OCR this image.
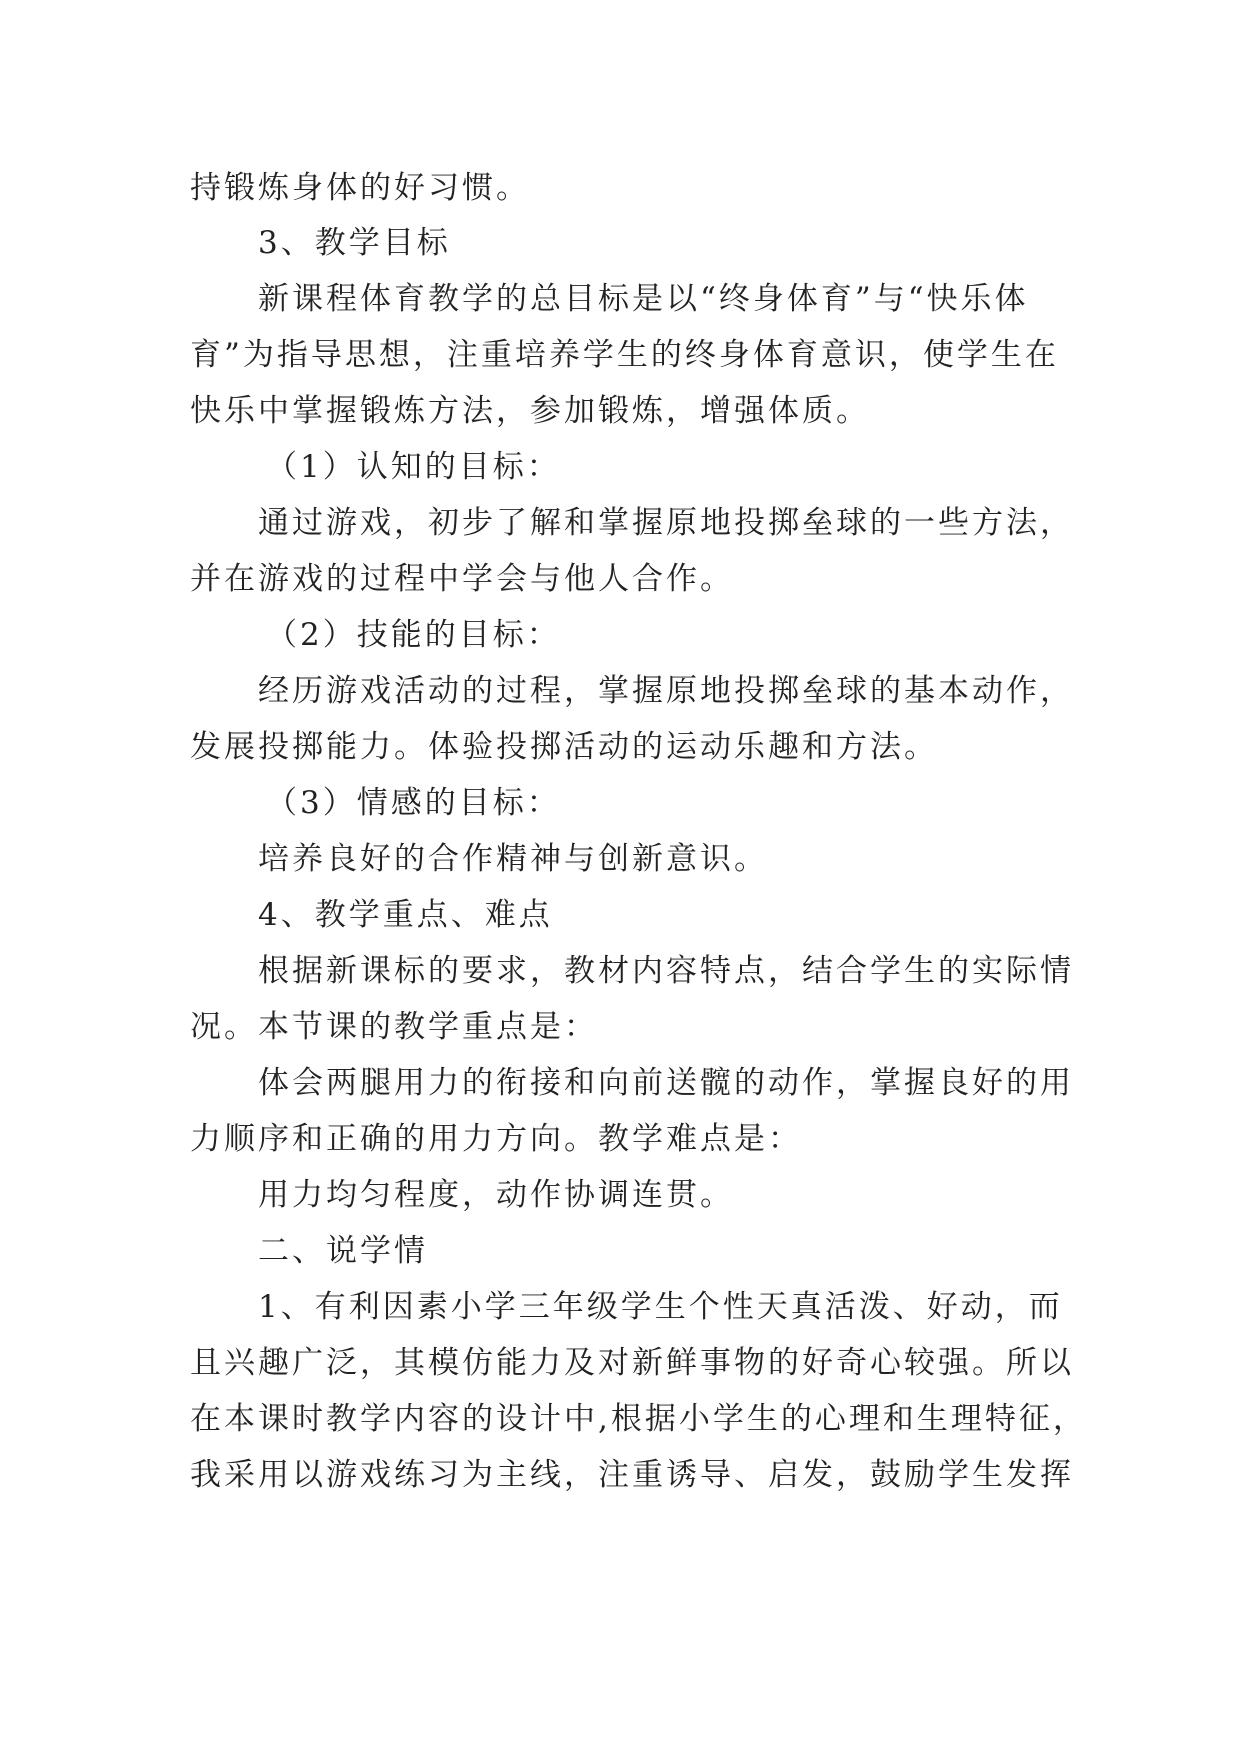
持锻炼身体的好习惯。
3、教学目标
新课程体育教学的总目标是以“终身体育”与“快乐体
育”为指导思想，注重培养学生的终身体育意识，使学生在
快乐中掌握锻炼方法，参加锻炼，增强体质。
（1）认知的目标：
通过游戏，初步了解和掌握原地投掷垒球的一些方法，
并在游戏的过程中学会与他人合作。
（2）技能的目标：
经历游戏活动的过程，掌握原地投掷垒球的基本动作，
发展投掷能力。体验投掷活动的运动乐趣和方法。
（3）情感的目标：
培养良好的合作精神与创新意识。
4、教学重点、难点
根据新课标的要求，教材内容特点，结合学生的实际情
况。本节课的教学重点是：
体会两腿用力的衔接和向前送髋的动作，掌握良好的用
力顺序和正确的用力方向。教学难点是：
用力均匀程度，动作协调连贯。
二、说学情
1、有利因素小学三年级学生个性天真活泼、好动，而
且兴趣广泛，其模仿能力及对新鲜事物的好奇心较强。所以
在本课时教学内容的设计中,根据小学生的心理和生理特征，
我采用以游戏练习为主线，注重诱导、启发，鼓励学生发挥
